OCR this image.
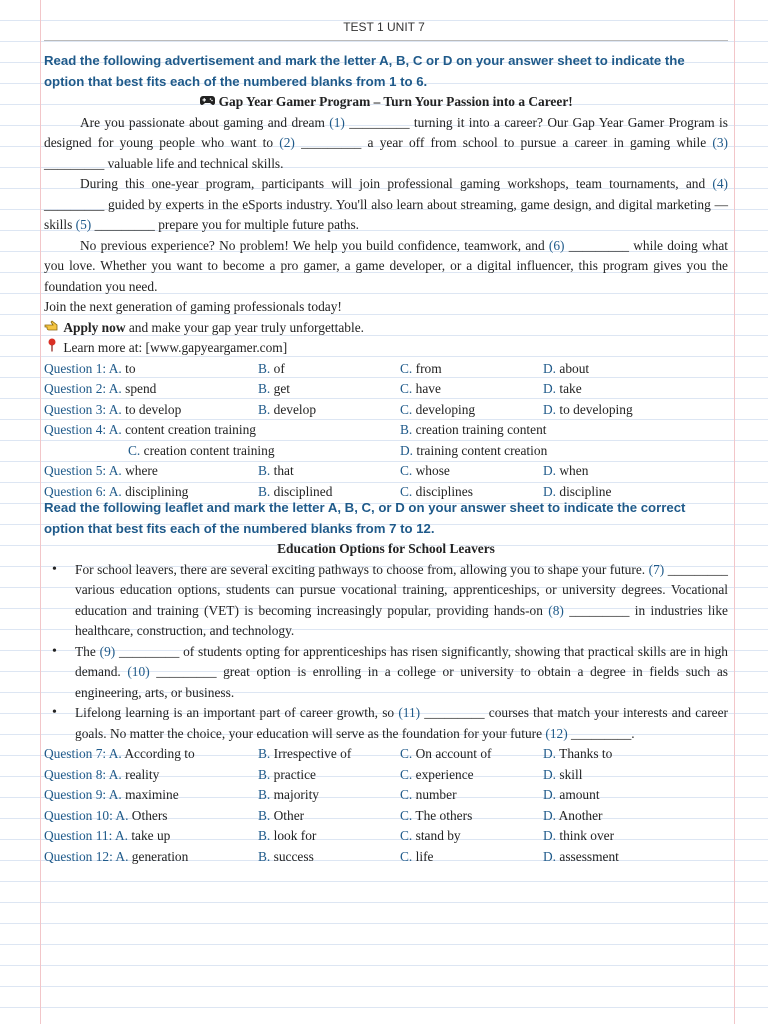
TEST 1 UNIT 7
Read the following advertisement and mark the letter A, B, C or D on your answer sheet to indicate the
option that best fits each of the numbered blanks from 1 to 6.
Gap Year Gamer Program – Turn Your Passion into a Career!

Are you passionate about gaming and dream (1) _________ turning it into a career? Our Gap Year Gamer Program is designed for young people who want to (2) _________ a year off from school to pursue a career in gaming while (3) _________ valuable life and technical skills.

During this one-year program, participants will join professional gaming workshops, team tournaments, and (4) _________ guided by experts in the eSports industry. You'll also learn about streaming, game design, and digital marketing — skills (5) _________ prepare you for multiple future paths.

No previous experience? No problem! We help you build confidence, teamwork, and (6) _________ while doing what you love. Whether you want to become a pro gamer, a game developer, or a digital influencer, this program gives you the foundation you need.

Join the next generation of gaming professionals today!
Apply now and make your gap year truly unforgettable.
Learn more at: [www.gapyeargamer.com]
Question 1: A. to	B. of	C. from	D. about
Question 2: A. spend	B. get	C. have	D. take
Question 3: A. to develop	B. develop	C. developing	D. to developing
Question 4: A. content creation training	B. creation training content
C. creation content training	D. training content creation
Question 5: A. where	B. that	C. whose	D. when
Question 6: A. disciplining	B. disciplined	C. disciplines	D. discipline
Read the following leaflet and mark the letter A, B, C, or D on your answer sheet to indicate the correct
option that best fits each of the numbered blanks from 7 to 12.
Education Options for School Leavers
• For school leavers, there are several exciting pathways to choose from, allowing you to shape your future. (7) _________ various education options, students can pursue vocational training, apprenticeships, or university degrees. Vocational education and training (VET) is becoming increasingly popular, providing hands-on (8) _________ in industries like healthcare, construction, and technology.
• The (9) _________ of students opting for apprenticeships has risen significantly, showing that practical skills are in high demand. (10) _________ great option is enrolling in a college or university to obtain a degree in fields such as engineering, arts, or business.
• Lifelong learning is an important part of career growth, so (11) _________ courses that match your interests and career goals. No matter the choice, your education will serve as the foundation for your future (12) _________.
Question 7: A. According to	B. Irrespective of	C. On account of	D. Thanks to
Question 8: A. reality	B. practice	C. experience	D. skill
Question 9: A. maximine	B. majority	C. number	D. amount
Question 10: A. Others	B. Other	C. The others	D. Another
Question 11: A. take up	B. look for	C. stand by	D. think over
Question 12: A. generation	B. success	C. life	D. assessment
